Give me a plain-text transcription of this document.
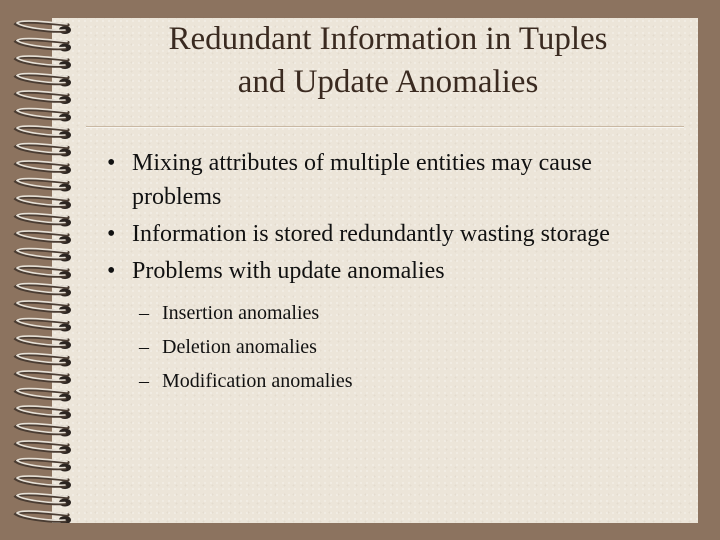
Redundant Information in Tuples
and Update Anomalies
• Mixing attributes of multiple entities may cause problems
• Information is stored redundantly wasting storage
• Problems with update anomalies
– Insertion anomalies
– Deletion anomalies
– Modification anomalies
